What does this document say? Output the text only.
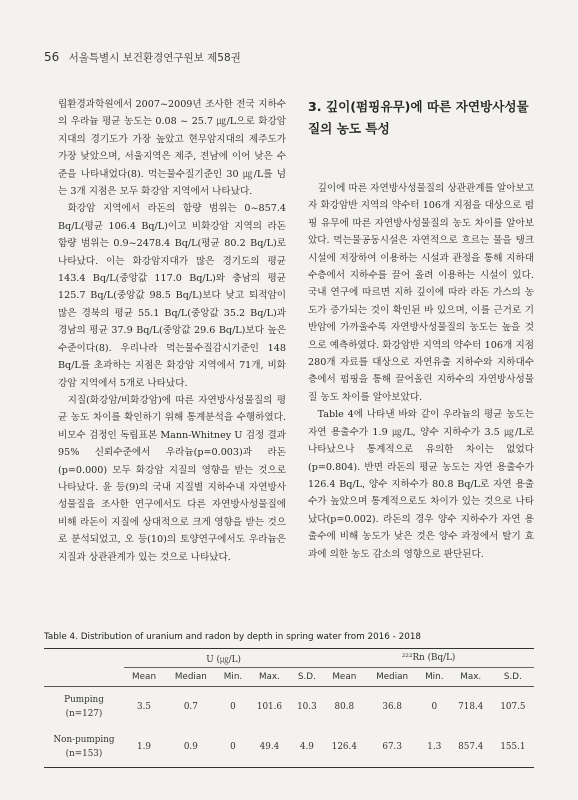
56 서울특별시 보건환경연구원보 제58권

립환경과학원에서 2007~2009년 조사한 전국 지하수의 우라늄 평균 농도는 0.08 ~ 25.7 ㎍/L으로 화강암지대의 경기도가 가장 높았고 현무암지대의 제주도가 가장 낮았으며, 서울지역은 제주, 전남에 이어 낮은 수준을 나타내었다(8). 먹는물수질기준인 30 ㎍/L를 넘는 3개 지점은 모두 화강암 지역에서 나타났다.

화강암 지역에서 라돈의 함량 범위는 0~857.4 Bq/L(평균 106.4 Bq/L)이고 비화강암 지역의 라돈 함량 범위는 0.9~2478.4 Bq/L(평균 80.2 Bq/L)로 나타났다. 이는 화강암지대가 많은 경기도의 평균 143.4 Bq/L(중앙값 117.0 Bq/L)와 충남의 평균 125.7 Bq/L(중앙값 98.5 Bq/L)보다 낮고 퇴적암이 많은 경북의 평균 55.1 Bq/L(중앙값 35.2 Bq/L)과 경남의 평균 37.9 Bq/L(중앙값 29.6 Bq/L)보다 높은 수준이다(8). 우리나라 먹는물수질감시기준인 148 Bq/L를 초과하는 지점은 화강암 지역에서 71개, 비화강암 지역에서 5개로 나타났다.

지질(화강암/비화강암)에 따른 자연방사성물질의 평균 농도 차이를 확인하기 위해 통계분석을 수행하였다. 비모수 검정인 독립표본 Mann-Whitney U 검정 결과 95% 신뢰수준에서 우라늄(p=0.003)과 라돈(p=0.000) 모두 화강암 지질의 영향을 받는 것으로 나타났다. 윤 등(9)의 국내 지질별 지하수내 자연방사성물질을 조사한 연구에서도 다른 자연방사성물질에 비해 라돈이 지질에 상대적으로 크게 영향을 받는 것으로 분석되었고, 오 등(10)의 토양연구에서도 우라늄은 지질과 상관관계가 있는 것으로 나타났다.

3. 깊이(펌핑유무)에 따른 자연방사성물질의 농도 특성

깊이에 따른 자연방사성물질의 상관관계를 알아보고자 화강암반 지역의 약수터 106개 지점을 대상으로 펌핑 유무에 따른 자연방사성물질의 농도 차이를 알아보았다. 먹는물공동시설은 자연적으로 흐르는 물을 탱크시설에 저장하여 이용하는 시설과 관정을 통해 지하대수층에서 지하수를 끌어 올려 이용하는 시설이 있다. 국내 연구에 따르면 지하 깊이에 따라 라돈 가스의 농도가 증가되는 것이 확인된 바 있으며, 이를 근거로 기반암에 가까울수록 자연방사성물질의 농도는 높을 것으로 예측하였다. 화강암반 지역의 약수터 106개 지점 280개 자료를 대상으로 자연유출 지하수와 지하대수층에서 펌핑을 통해 끌어올린 지하수의 자연방사성물질 농도 차이를 알아보았다.

Table 4에 나타낸 바와 같이 우라늄의 평균 농도는 자연 용출수가 1.9 ㎍/L, 양수 지하수가 3.5 ㎍/L로 나타났으나 통계적으로 유의한 차이는 없었다(p=0.804). 반면 라돈의 평균 농도는 자연 용출수가 126.4 Bq/L, 양수 지하수가 80.8 Bq/L로 자연 용출수가 높았으며 통계적으로도 차이가 있는 것으로 나타났다(p=0.002). 라돈의 경우 양수 지하수가 자연 용출수에 비해 농도가 낮은 것은 양수 과정에서 탈기 효과에 의한 농도 감소의 영향으로 판단된다.

Table 4. Distribution of uranium and radon by depth in spring water from 2016 - 2018
	U (㎍/L)					²²²Rn (Bq/L)				
	Mean	Median	Min.	Max.	S.D.	Mean	Median	Min.	Max.	S.D.

Pumping
(n=127)	3.5	0.7	0	101.6	10.3	80.8	36.8	0	718.4	107.5

Non-pumping
(n=153)	1.9	0.9	0	49.4	4.9	126.4	67.3	1.3	857.4	155.1
